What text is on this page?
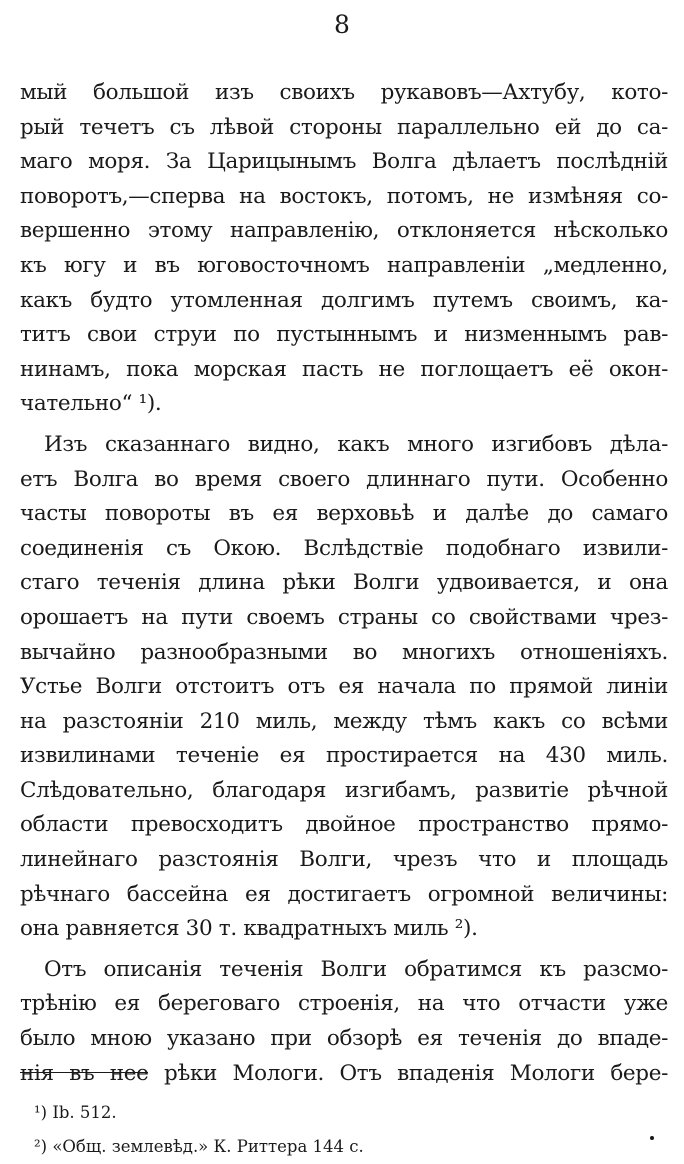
8
мый большой изъ своихъ рукавовъ—Ахтубу, кото-
рый течетъ съ лѣвой стороны параллельно ей до са-
маго моря. За Царицынымъ Волга дѣлаетъ послѣднiй
поворотъ,—сперва на востокъ, потомъ, не измѣняя со-
вершенно этому направленiю, отклоняется нѣсколько
къ югу и въ юговосточномъ направленiи „медленно,
какъ будто утомленная долгимъ путемъ своимъ, ка-
титъ свои струи по пустыннымъ и низменнымъ рав-
нинамъ, пока морская пасть не поглощаетъ её окон-
чательно“ ¹).
Изъ сказаннаго видно, какъ много изгибовъ дѣла-
етъ Волга во время своего длиннаго пути. Особенно
часты повороты въ ея верховьѣ и далѣе до самаго
соединенiя съ Окою. Вслѣдствiе подобнаго извили-
стаго теченiя длина рѣки Волги удвоивается, и она
орошаетъ на пути своемъ страны со свойствами чрез-
вычайно разнообразными во многихъ отношенiяхъ.
Устье Волги отстоитъ отъ ея начала по прямой линiи
на разстоянiи 210 миль, между тѣмъ какъ со всѣми
извилинами теченiе ея простирается на 430 миль.
Слѣдовательно, благодаря изгибамъ, развитiе рѣчной
области превосходитъ двойное пространство прямо-
линейнаго разстоянiя Волги, чрезъ что и площадь
рѣчнаго бассейна ея достигаетъ огромной величины:
она равняется 30 т. квадратныхъ миль ²).
Отъ описанiя теченiя Волги обратимся къ разсмо-
трѣнiю ея береговаго строенiя, на что отчасти уже
было мною указано при обзорѣ ея теченiя до впаде-
нiя въ нее рѣки Мологи. Отъ впаденiя Мологи бере-
¹) Ib. 512.
²) «Общ. землевѣд.» К. Риттера 144 с.
